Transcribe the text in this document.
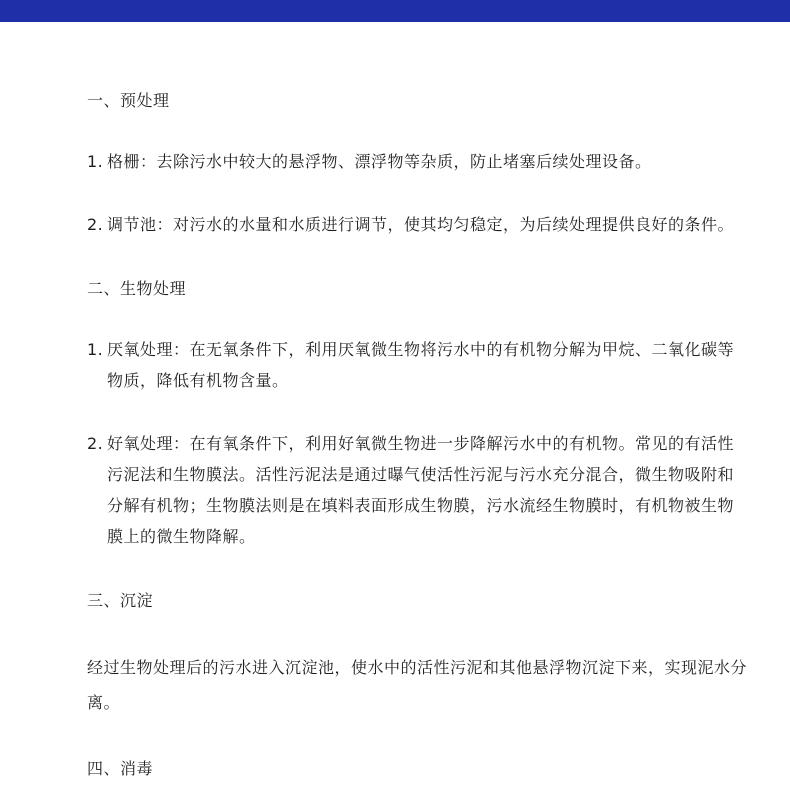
一、预处理
1. 格栅：去除污水中较大的悬浮物、漂浮物等杂质，防止堵塞后续处理设备。
2. 调节池：对污水的水量和水质进行调节，使其均匀稳定，为后续处理提供良好的条件。
二、生物处理
1. 厌氧处理：在无氧条件下，利用厌氧微生物将污水中的有机物分解为甲烷、二氧化碳等物质，降低有机物含量。
2. 好氧处理：在有氧条件下，利用好氧微生物进一步降解污水中的有机物。常见的有活性污泥法和生物膜法。活性污泥法是通过曝气使活性污泥与污水充分混合，微生物吸附和分解有机物；生物膜法则是在填料表面形成生物膜，污水流经生物膜时，有机物被生物膜上的微生物降解。
三、沉淀
经过生物处理后的污水进入沉淀池，使水中的活性污泥和其他悬浮物沉淀下来，实现泥水分离。
四、消毒
